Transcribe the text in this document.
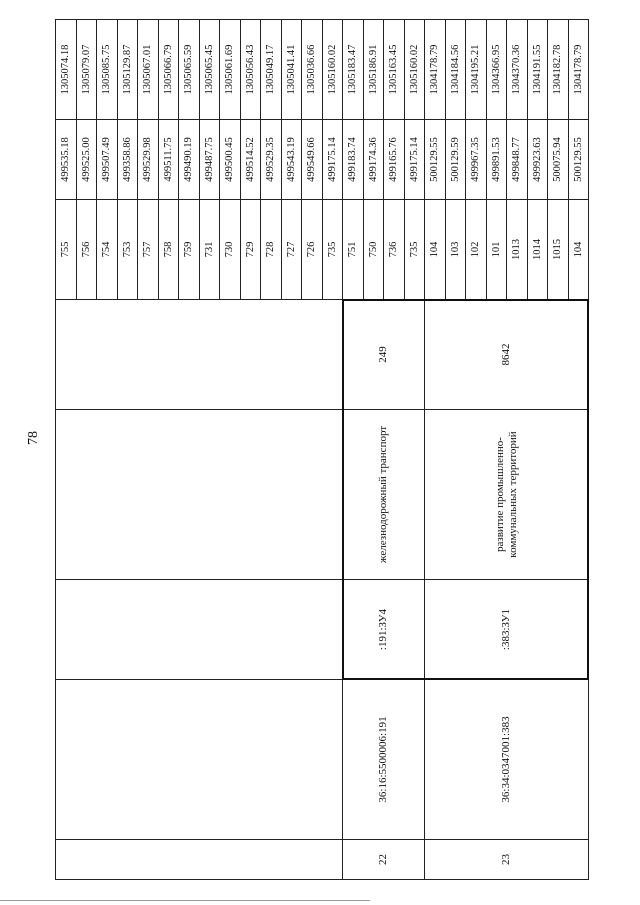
78
755
499535.18
1305074.18
756
499525.00
1305079.07
754
499507.49
1305085.75
753
499358.86
1305129.87
757
499529.98
1305067.01
758
499511.75
1305066.79
759
499490.19
1305065.59
731
499487.75
1305065.45
730
499500.45
1305061.69
729
499514.52
1305056.43
728
499529.35
1305049.17
727
499543.19
1305041.41
726
499549.66
1305036.66
735
499175.14
1305160.02
22
36:16:5500006:191
:191:ЗУ4
железнодорожный транспорт
249
751
499183.74
1305183.47
750
499174.36
1305186.91
736
499165.76
1305163.45
735
499175.14
1305160.02
23
36:34:0347001:383
:383:ЗУ1
развитие промышленно-коммунальных территорий
8642
104
500129.55
1304178.79
103
500129.59
1304184.56
102
499967.35
1304195.21
101
499891.53
1304366.95
1013
499848.77
1304370.36
1014
499923.63
1304191.55
1015
500075.94
1304182.78
104
500129.55
1304178.79
